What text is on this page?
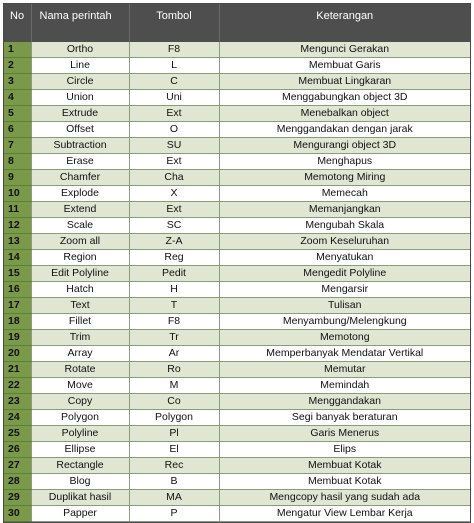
No	Nama perintah	Tombol	Keterangan
1	Ortho	F8	Mengunci Gerakan
2	Line	L	Membuat Garis
3	Circle	C	Membuat Lingkaran
4	Union	Uni	Menggabungkan object 3D
5	Extrude	Ext	Menebalkan object
6	Offset	O	Menggandakan dengan jarak
7	Subtraction	SU	Mengurangi object 3D
8	Erase	Ext	Menghapus
9	Chamfer	Cha	Memotong Miring
10	Explode	X	Memecah
11	Extend	Ext	Memanjangkan
12	Scale	SC	Mengubah Skala
13	Zoom all	Z-A	Zoom Keseluruhan
14	Region	Reg	Menyatukan
15	Edit Polyline	Pedit	Mengedit Polyline
16	Hatch	H	Mengarsir
17	Text	T	Tulisan
18	Fillet	F8	Menyambung/Melengkung
19	Trim	Tr	Memotong
20	Array	Ar	Memperbanyak Mendatar Vertikal
21	Rotate	Ro	Memutar
22	Move	M	Memindah
23	Copy	Co	Menggandakan
24	Polygon	Polygon	Segi banyak beraturan
25	Polyline	Pl	Garis Menerus
26	Ellipse	El	Elips
27	Rectangle	Rec	Membuat Kotak
28	Blog	B	Membuat Kotak
29	Duplikat hasil	MA	Mengcopy hasil yang sudah ada
30	Papper	P	Mengatur View Lembar Kerja
